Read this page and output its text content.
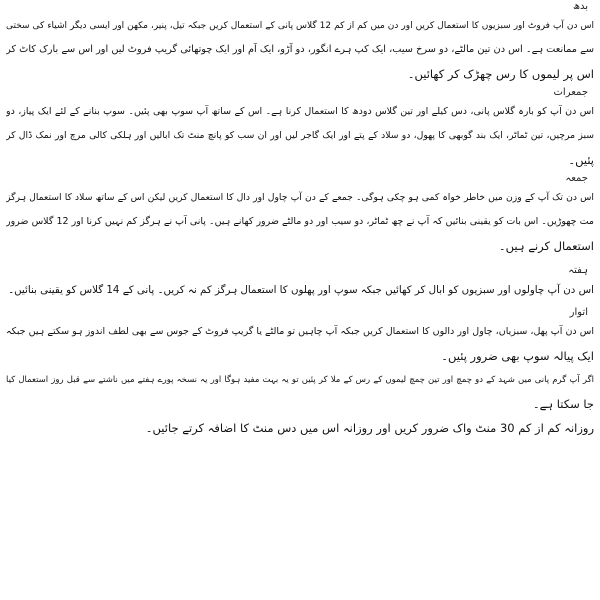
بدھ
اس دن آپ فروٹ اور سبزیوں کا استعمال کریں اور دن میں کم از کم 12 گلاس پانی کے استعمال کریں جبکہ تیل، پنیر، مکھن اور ایسی دیگر اشیاء کی سختی
سے ممانعت ہے۔ اس دن تین مالٹے، دو سرخ سیب، ایک کپ ہرے انگور، دو آڑو، ایک آم اور ایک چوتھائی گریپ فروٹ لیں اور اس سے بارک کاٹ کر
اس پر لیموں کا رس چھڑک کر کھائیں۔
جمعرات
اس دن آپ کو بارہ گلاس پانی، دس کیلے اور تین گلاس دودھ کا استعمال کرنا ہے۔ اس کے ساتھ آپ سوپ بھی پئیں۔ سوپ بنانے کے لئے ایک پیاز، دو
سبز مرچیں، تین ٹماٹر، ایک بند گوبھی کا پھول، دو سلاد کے پتے اور ایک گاجر لیں اور ان سب کو پانچ منٹ تک ابالیں اور ہلکی کالی مرچ اور نمک ڈال کر
پئیں۔
جمعہ
اس دن تک آپ کے وزن میں خاطر خواہ کمی ہو چکی ہوگی۔ جمعے کے دن آپ چاول اور دال کا استعمال کریں لیکن اس کے ساتھ سلاد کا استعمال ہرگز
مت چھوڑیں۔ اس بات کو یقینی بنائیں کہ آپ نے چھ ٹماٹر، دو سیب اور دو مالٹے ضرور کھانے ہیں۔ پانی آپ نے ہرگز کم نہیں کرنا اور 12 گلاس ضرور
استعمال کرنے ہیں۔
ہفتہ
اس دن آپ چاولوں اور سبزیوں کو ابال کر کھائیں جبکہ سوپ اور پھلوں کا استعمال ہرگز کم نہ کریں۔ پانی کے 14 گلاس کو یقینی بنائیں۔
اتوار
اس دن آپ پھل، سبزیاں، چاول اور دالوں کا استعمال کریں جبکہ آپ چاہیں تو مالٹے یا گریپ فروٹ کے جوس سے بھی لطف اندوز ہو سکتے ہیں جبکہ
ایک پیالہ سوپ بھی ضرور پئیں۔
اگر آپ گرم پانی میں شہد کے دو چمچ اور تین چمچ لیموں کے رس کے ملا کر پئیں تو یہ بہت مفید ہوگا اور یہ نسخہ پورے ہفتے میں ناشتے سے قبل روز استعمال کیا
جا سکتا ہے۔
روزانہ کم از کم 30 منٹ واک ضرور کریں اور روزانہ اس میں دس منٹ کا اضافہ کرتے جائیں۔
